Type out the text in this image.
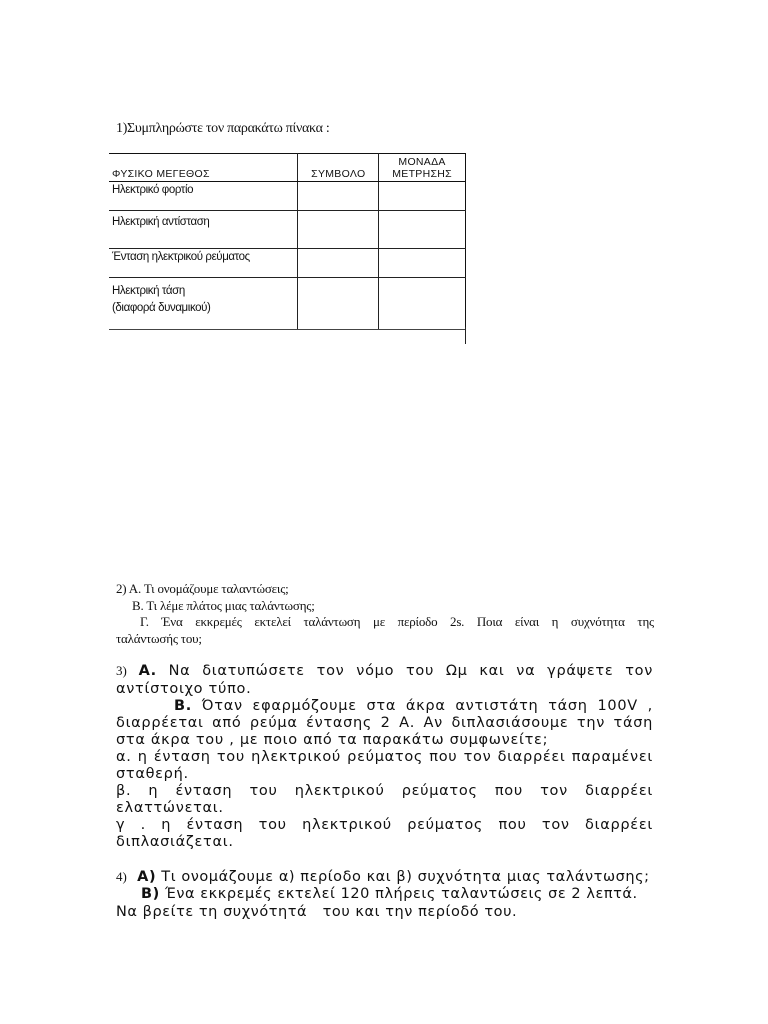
1)Συμπληρώστε τον παρακάτω πίνακα :
ΦΥΣΙΚΟ ΜΕΓΕΘΟΣ	ΣΥΜΒΟΛΟ	ΜΟΝΑΔΑ
ΜΕΤΡΗΣΗΣ

Ηλεκτρικό φορτίο		

Ηλεκτρική αντίσταση		

Ένταση ηλεκτρικού ρεύματος		

Ηλεκτρική τάση
(διαφορά δυναμικού)		

2) Α. Τι ονομάζουμε ταλαντώσεις;
Β. Τι λέμε πλάτος μιας ταλάντωσης;
Γ. Ένα εκκρεμές εκτελεί ταλάντωση με περίοδο 2s. Ποια είναι η συχνότητα της
ταλάντωσής του;
3) Α. Να διατυπώσετε τον νόμο του Ωμ και να γράψετε τον
αντίστοιχο τύπο.
Β. Όταν εφαρμόζουμε στα άκρα αντιστάτη τάση 100V ,
διαρρέεται από ρεύμα έντασης 2 Α. Αν διπλασιάσουμε την τάση
στα άκρα του , με ποιο από τα παρακάτω συμφωνείτε;
α. η ένταση του ηλεκτρικού ρεύματος που τον διαρρέει παραμένει
σταθερή.
β. η ένταση του ηλεκτρικού ρεύματος που τον διαρρέει
ελαττώνεται.
γ . η ένταση του ηλεκτρικού ρεύματος που τον διαρρέει
διπλασιάζεται.
4) Α) Τι ονομάζουμε α) περίοδο και β) συχνότητα μιας ταλάντωσης;
Β) Ένα εκκρεμές εκτελεί 120 πλήρεις ταλαντώσεις σε 2 λεπτά.
Να βρείτε τη συχνότητά   του και την περίοδό του.
